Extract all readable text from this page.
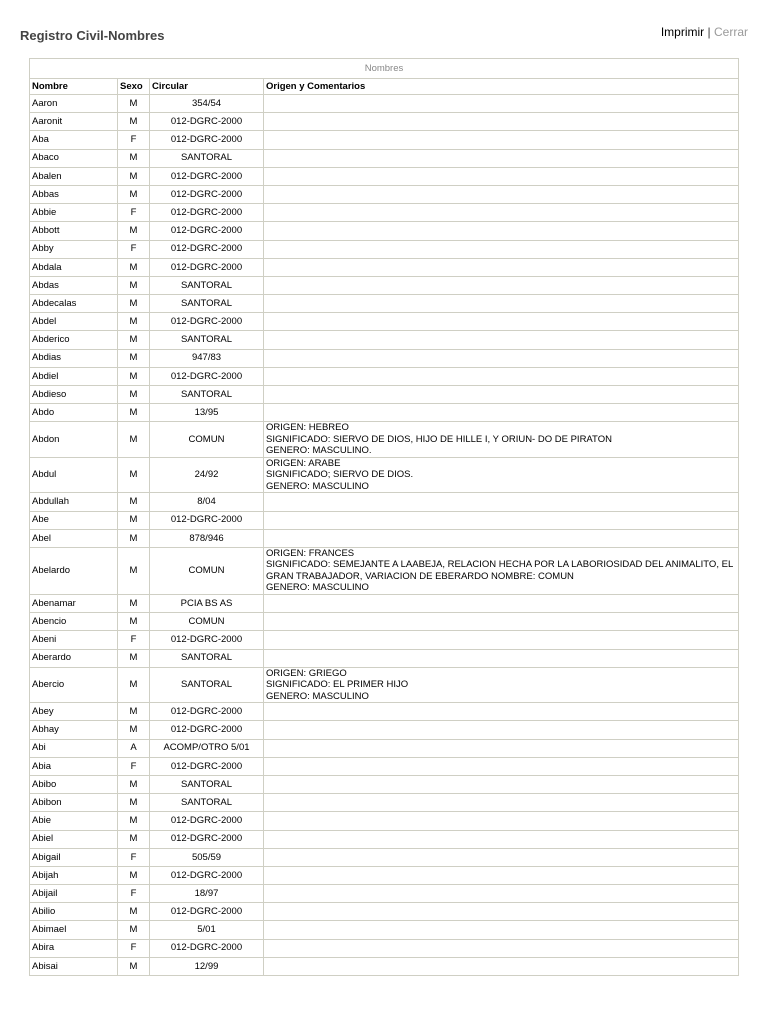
Registro Civil-Nombres	Imprimir | Cerrar
Nombres			
Nombre	Sexo	Circular	Origen y Comentarios
Aaron	M	354/54	
Aaronit	M	012-DGRC-2000	
Aba	F	012-DGRC-2000	
Abaco	M	SANTORAL	
Abalen	M	012-DGRC-2000	
Abbas	M	012-DGRC-2000	
Abbie	F	012-DGRC-2000	
Abbott	M	012-DGRC-2000	
Abby	F	012-DGRC-2000	
Abdala	M	012-DGRC-2000	
Abdas	M	SANTORAL	
Abdecalas	M	SANTORAL	
Abdel	M	012-DGRC-2000	
Abderico	M	SANTORAL	
Abdias	M	947/83	
Abdiel	M	012-DGRC-2000	
Abdieso	M	SANTORAL	
Abdo	M	13/95	
Abdon	M	COMUN	ORIGEN: HEBREO
SIGNIFICADO: SIERVO DE DIOS, HIJO DE HILLE I, Y ORIUN- DO DE PIRATON
GENERO: MASCULINO.
Abdul	M	24/92	ORIGEN: ARABE
SIGNIFICADO; SIERVO DE DIOS.
GENERO: MASCULINO
Abdullah	M	8/04	
Abe	M	012-DGRC-2000	
Abel	M	878/946	
Abelardo	M	COMUN	ORIGEN: FRANCES
SIGNIFICADO: SEMEJANTE A LAABEJA, RELACION HECHA POR LA LABORIOSIDAD DEL ANIMALITO, EL GRAN TRABAJADOR, VARIACION DE EBERARDO NOMBRE: COMUN
GENERO: MASCULINO
Abenamar	M	PCIA BS AS	
Abencio	M	COMUN	
Abeni	F	012-DGRC-2000	
Aberardo	M	SANTORAL	
Abercio	M	SANTORAL	ORIGEN: GRIEGO
SIGNIFICADO: EL PRIMER HIJO
GENERO: MASCULINO
Abey	M	012-DGRC-2000	
Abhay	M	012-DGRC-2000	
Abi	A	ACOMP/OTRO 5/01	
Abia	F	012-DGRC-2000	
Abibo	M	SANTORAL	
Abibon	M	SANTORAL	
Abie	M	012-DGRC-2000	
Abiel	M	012-DGRC-2000	
Abigail	F	505/59	
Abijah	M	012-DGRC-2000	
Abijail	F	18/97	
Abilio	M	012-DGRC-2000	
Abimael	M	5/01	
Abira	F	012-DGRC-2000	
Abisai	M	12/99	
